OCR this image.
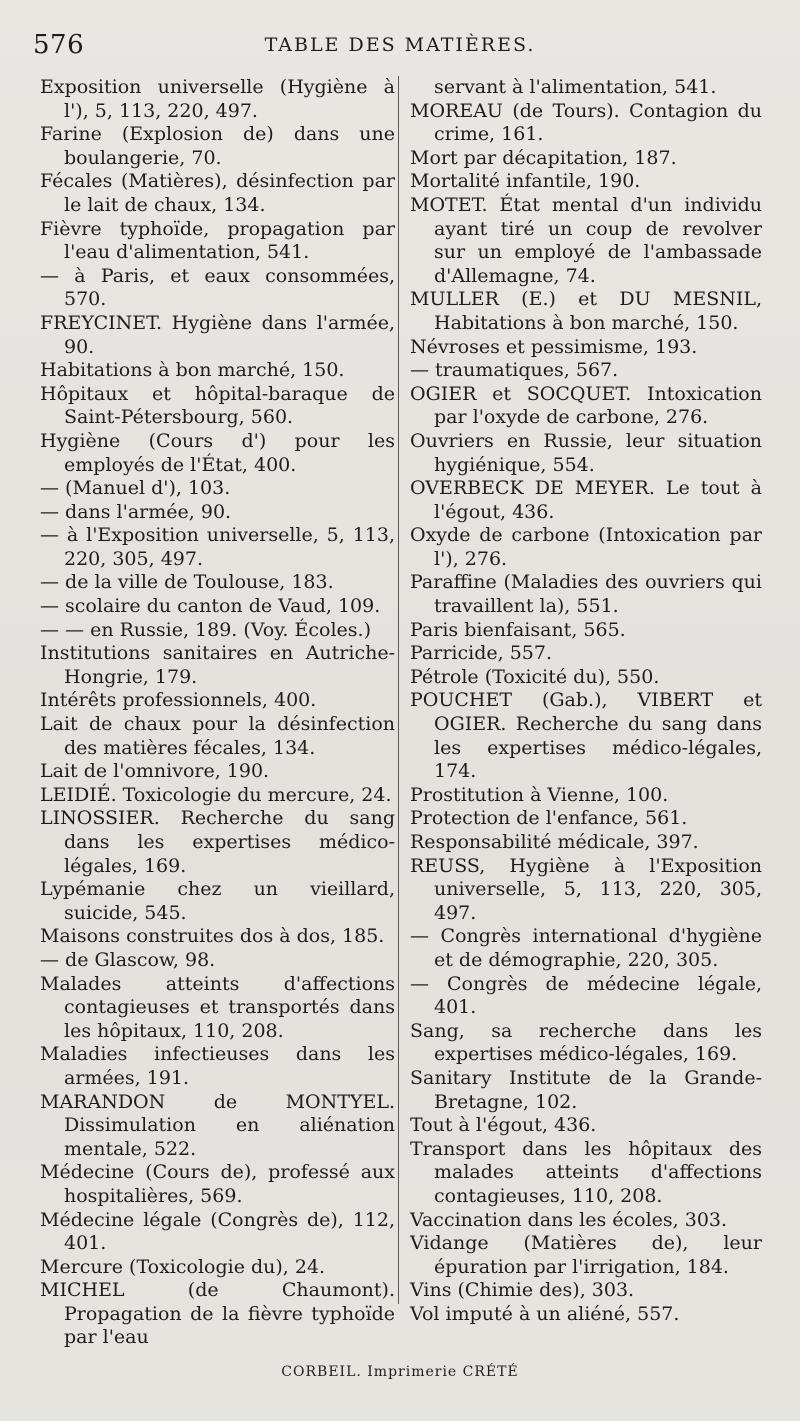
576	TABLE DES MATIÈRES.
Exposition universelle (Hygiène à l'), 5, 113, 220, 497.
Farine (Explosion de) dans une boulangerie, 70.
Fécales (Matières), désinfection par le lait de chaux, 134.
Fièvre typhoïde, propagation par l'eau d'alimentation, 541.
— à Paris, et eaux consommées, 570.
FREYCINET. Hygiène dans l'armée, 90.
Habitations à bon marché, 150.
Hôpitaux et hôpital-baraque de Saint-Pétersbourg, 560.
Hygiène (Cours d') pour les employés de l'État, 400.
— (Manuel d'), 103.
— dans l'armée, 90.
— à l'Exposition universelle, 5, 113, 220, 305, 497.
— de la ville de Toulouse, 183.
— scolaire du canton de Vaud, 109.
— — en Russie, 189. (Voy. Écoles.)
Institutions sanitaires en Autriche-Hongrie, 179.
Intérêts professionnels, 400.
Lait de chaux pour la désinfection des matières fécales, 134.
Lait de l'omnivore, 190.
LEIDIÉ. Toxicologie du mercure, 24.
LINOSSIER. Recherche du sang dans les expertises médico-légales, 169.
Lypémanie chez un vieillard, suicide, 545.
Maisons construites dos à dos, 185.
— de Glascow, 98.
Malades atteints d'affections contagieuses et transportés dans les hôpitaux, 110, 208.
Maladies infectieuses dans les armées, 191.
MARANDON de MONTYEL. Dissimulation en aliénation mentale, 522.
Médecine (Cours de), professé aux hospitalières, 569.
Médecine légale (Congrès de), 112, 401.
Mercure (Toxicologie du), 24.
MICHEL (de Chaumont). Propagation de la fièvre typhoïde par l'eau
servant à l'alimentation, 541.
MOREAU (de Tours). Contagion du crime, 161.
Mort par décapitation, 187.
Mortalité infantile, 190.
MOTET. État mental d'un individu ayant tiré un coup de revolver sur un employé de l'ambassade d'Allemagne, 74.
MULLER (E.) et DU MESNIL, Habitations à bon marché, 150.
Névroses et pessimisme, 193.
— traumatiques, 567.
OGIER et SOCQUET. Intoxication par l'oxyde de carbone, 276.
Ouvriers en Russie, leur situation hygiénique, 554.
OVERBECK DE MEYER. Le tout à l'égout, 436.
Oxyde de carbone (Intoxication par l'), 276.
Paraffine (Maladies des ouvriers qui travaillent la), 551.
Paris bienfaisant, 565.
Parricide, 557.
Pétrole (Toxicité du), 550.
POUCHET (Gab.), VIBERT et OGIER. Recherche du sang dans les expertises médico-légales, 174.
Prostitution à Vienne, 100.
Protection de l'enfance, 561.
Responsabilité médicale, 397.
REUSS, Hygiène à l'Exposition universelle, 5, 113, 220, 305, 497.
— Congrès international d'hygiène et de démographie, 220, 305.
— Congrès de médecine légale, 401.
Sang, sa recherche dans les expertises médico-légales, 169.
Sanitary Institute de la Grande-Bretagne, 102.
Tout à l'égout, 436.
Transport dans les hôpitaux des malades atteints d'affections contagieuses, 110, 208.
Vaccination dans les écoles, 303.
Vidange (Matières de), leur épuration par l'irrigation, 184.
Vins (Chimie des), 303.
Vol imputé à un aliéné, 557.
CORBEIL. Imprimerie CRÉTÉ
